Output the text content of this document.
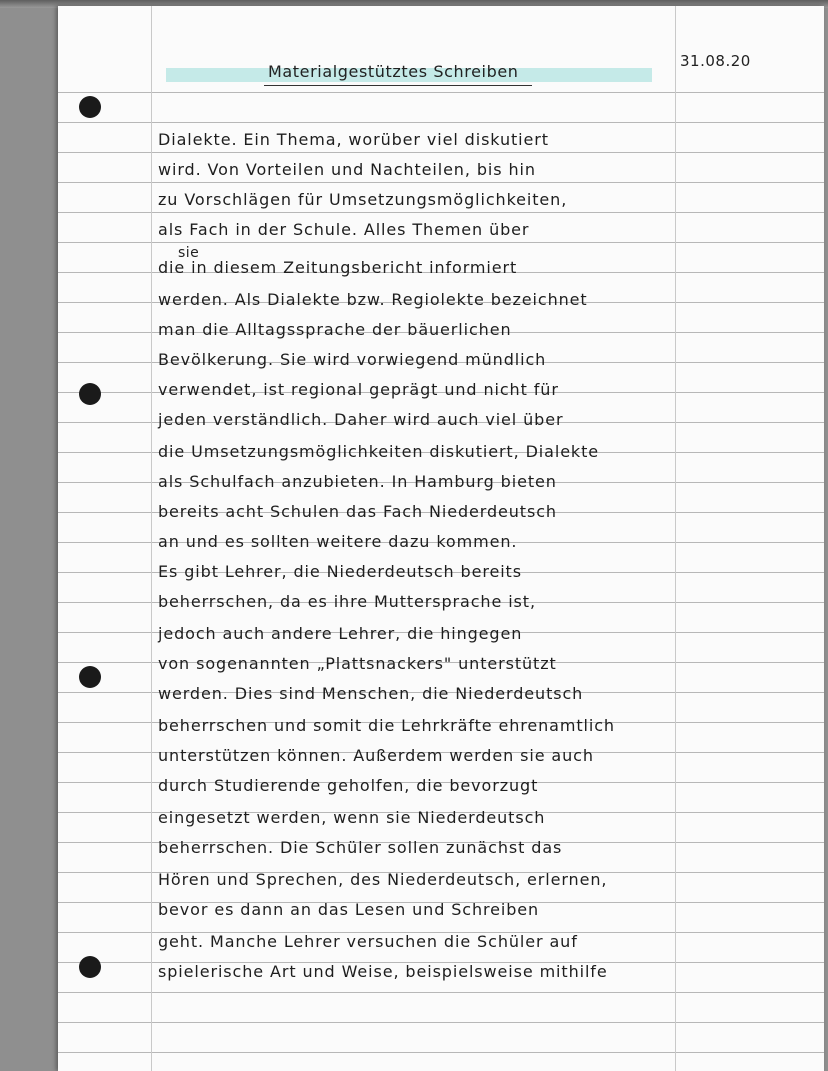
Materialgestütztes Schreiben
31.08.20
sie
Dialekte. Ein Thema, worüber viel diskutiert
wird. Von Vorteilen und Nachteilen, bis hin
zu Vorschlägen für Umsetzungsmöglichkeiten,
als Fach in der Schule. Alles Themen über
die in diesem Zeitungsbericht informiert
werden. Als Dialekte bzw. Regiolekte bezeichnet
man die Alltagssprache der bäuerlichen
Bevölkerung. Sie wird vorwiegend mündlich
verwendet, ist regional geprägt und nicht für
jeden verständlich. Daher wird auch viel über
die Umsetzungsmöglichkeiten diskutiert, Dialekte
als Schulfach anzubieten. In Hamburg bieten
bereits acht Schulen das Fach Niederdeutsch
an und es sollten weitere dazu kommen.
Es gibt Lehrer, die Niederdeutsch bereits
beherrschen, da es ihre Muttersprache ist,
jedoch auch andere Lehrer, die hingegen
von sogenannten „Plattsnackers" unterstützt
werden. Dies sind Menschen, die Niederdeutsch
beherrschen und somit die Lehrkräfte ehrenamtlich
unterstützen können. Außerdem werden sie auch
durch Studierende geholfen, die bevorzugt
eingesetzt werden, wenn sie Niederdeutsch
beherrschen. Die Schüler sollen zunächst das
Hören und Sprechen, des Niederdeutsch, erlernen,
bevor es dann an das Lesen und Schreiben
geht. Manche Lehrer versuchen die Schüler auf
spielerische Art und Weise, beispielsweise mithilfe
